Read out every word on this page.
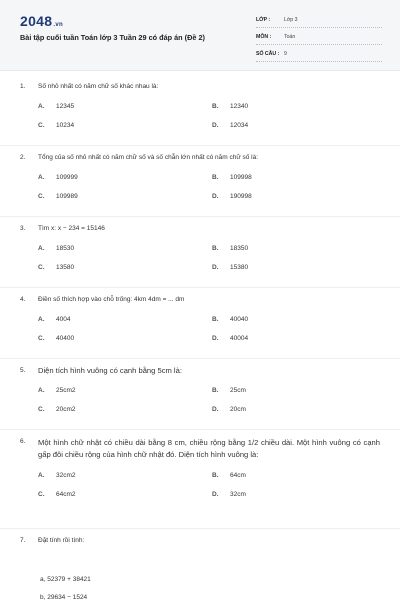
2048.vn
Bài tập cuối tuần Toán lớp 3 Tuần 29 có đáp án (Đề 2)
LỚP :	Lớp 3
MÔN : Toán
SỐ CÂU : 9
1.	Số nhỏ nhất có năm chữ số khác nhau là:
A. 12345	B. 12340
C. 10234	D. 12034
2.	Tổng của số nhỏ nhất có năm chữ số và số chẵn lớn nhất có năm chữ số là:
A. 109999	B. 109998
C. 109989	D. 190998
3.	Tìm x: x − 234 = 15146
A. 18530	B. 18350
C. 13580	D. 15380
4.	Điền số thích hợp vào chỗ trống: 4km 4dm = ... dm
A. 4004	B. 40040
C. 40400	D. 40004
5.	Diện tích hình vuông có cạnh bằng 5cm là:
A. 25cm2	B. 25cm
C. 20cm2	D. 20cm
6.	Một hình chữ nhật có chiều dài bằng 8 cm, chiều rộng bằng 1/2 chiều dài. Một hình vuông có cạnh gấp đôi chiều rộng của hình chữ nhật đó. Diện tích hình vuông là:
A. 32cm2	B. 64cm
C. 64cm2	D. 32cm
7.	Đặt tính rồi tính:
a, 52379 + 38421
b, 29634 − 1524
